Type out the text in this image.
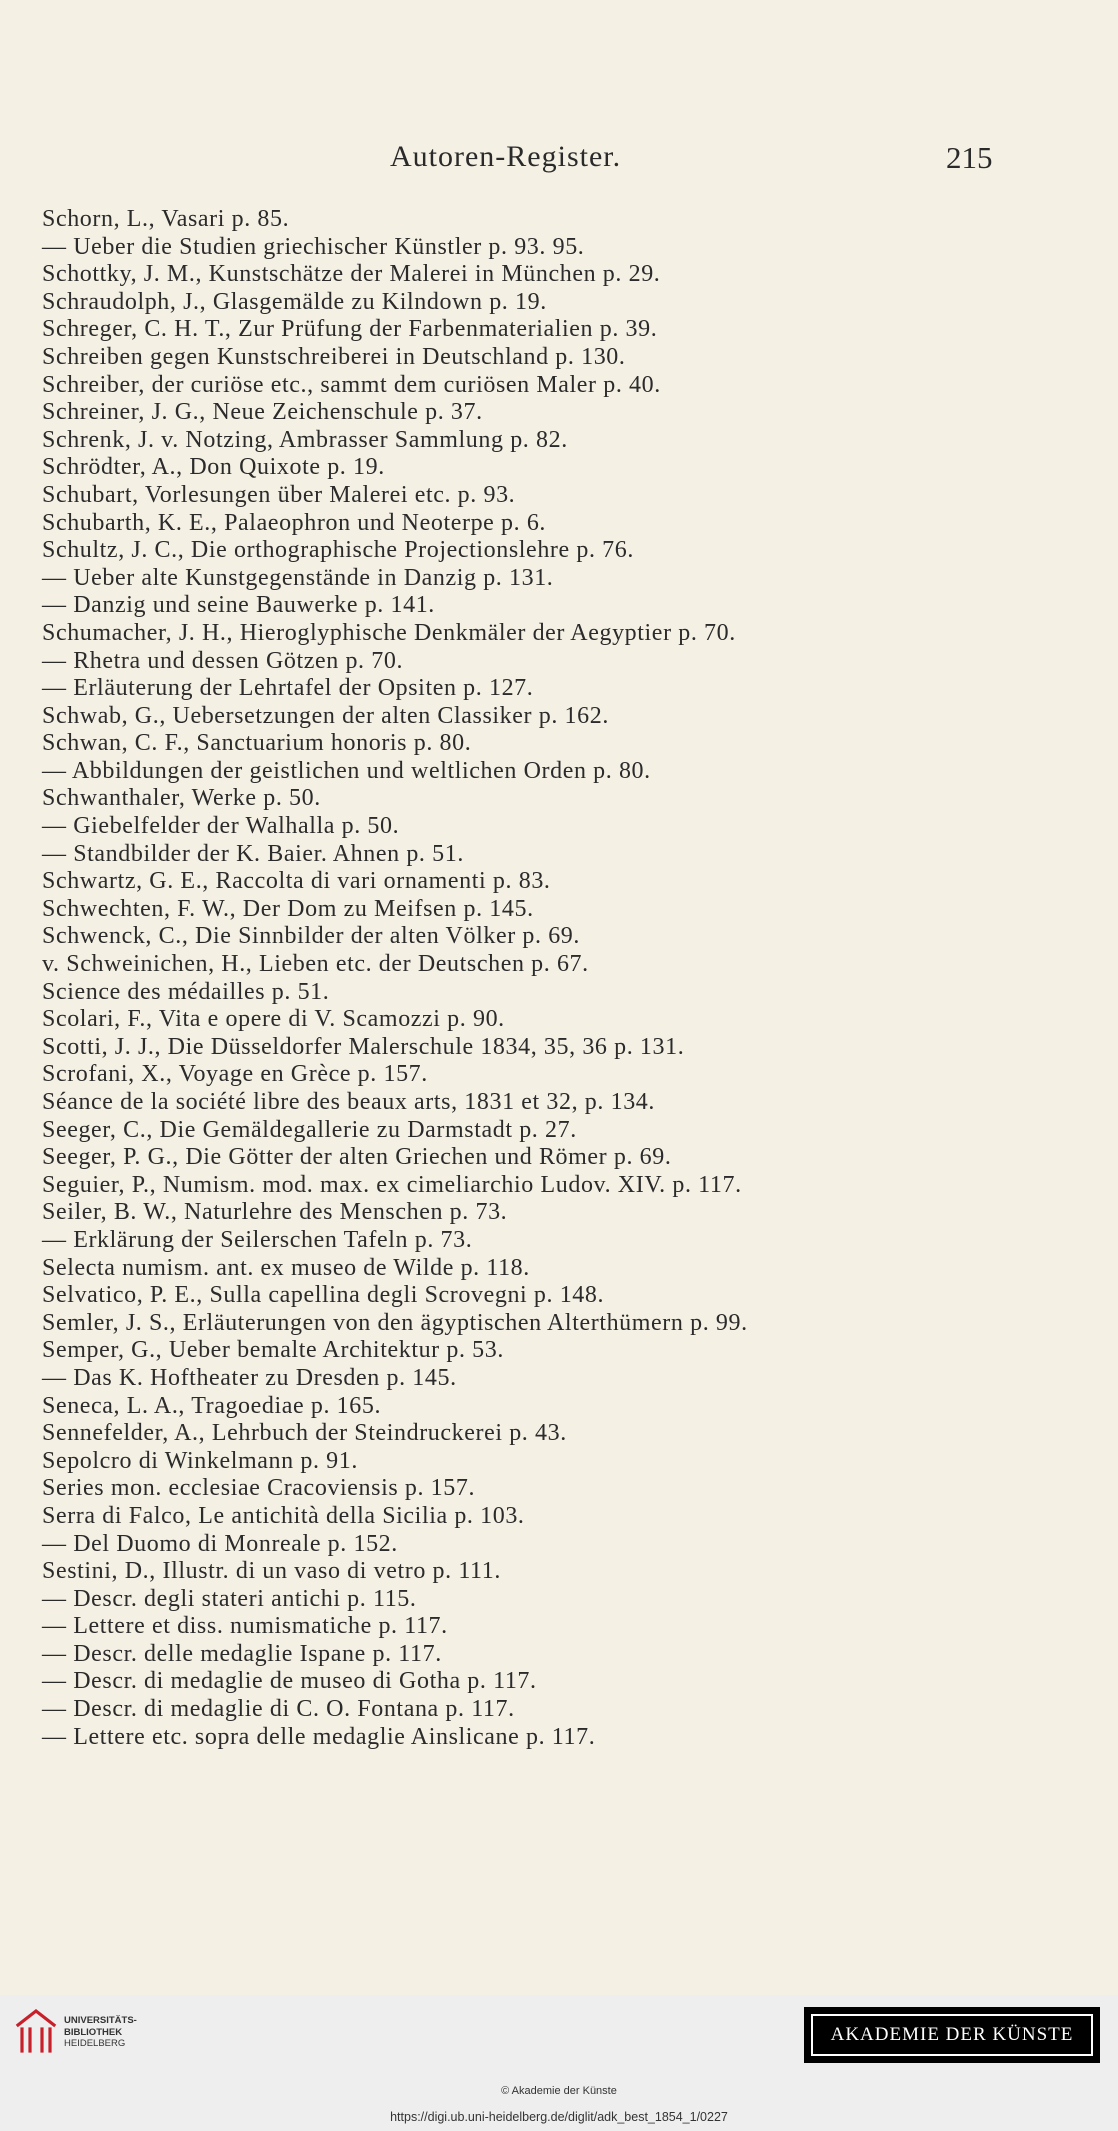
Autoren-Register.	215
Schorn, L., Vasari p. 85.
— Ueber die Studien griechischer Künstler p. 93. 95.
Schottky, J. M., Kunstschätze der Malerei in München p. 29.
Schraudolph, J., Glasgemälde zu Kilndown p. 19.
Schreger, C. H. T., Zur Prüfung der Farbenmaterialien p. 39.
Schreiben gegen Kunstschreiberei in Deutschland p. 130.
Schreiber, der curiöse etc., sammt dem curiösen Maler p. 40.
Schreiner, J. G., Neue Zeichenschule p. 37.
Schrenk, J. v. Notzing, Ambrasser Sammlung p. 82.
Schrödter, A., Don Quixote p. 19.
Schubart, Vorlesungen über Malerei etc. p. 93.
Schubarth, K. E., Palaeophron und Neoterpe p. 6.
Schultz, J. C., Die orthographische Projectionslehre p. 76.
— Ueber alte Kunstgegenstände in Danzig p. 131.
— Danzig und seine Bauwerke p. 141.
Schumacher, J. H., Hieroglyphische Denkmäler der Aegyptier p. 70.
— Rhetra und dessen Götzen p. 70.
— Erläuterung der Lehrtafel der Opsiten p. 127.
Schwab, G., Uebersetzungen der alten Classiker p. 162.
Schwan, C. F., Sanctuarium honoris p. 80.
— Abbildungen der geistlichen und weltlichen Orden p. 80.
Schwanthaler, Werke p. 50.
— Giebelfelder der Walhalla p. 50.
— Standbilder der K. Baier. Ahnen p. 51.
Schwartz, G. E., Raccolta di vari ornamenti p. 83.
Schwechten, F. W., Der Dom zu Meifsen p. 145.
Schwenck, C., Die Sinnbilder der alten Völker p. 69.
v. Schweinichen, H., Lieben etc. der Deutschen p. 67.
Science des médailles p. 51.
Scolari, F., Vita e opere di V. Scamozzi p. 90.
Scotti, J. J., Die Düsseldorfer Malerschule 1834, 35, 36 p. 131.
Scrofani, X., Voyage en Grèce p. 157.
Séance de la société libre des beaux arts, 1831 et 32, p. 134.
Seeger, C., Die Gemäldegallerie zu Darmstadt p. 27.
Seeger, P. G., Die Götter der alten Griechen und Römer p. 69.
Seguier, P., Numism. mod. max. ex cimeliarchio Ludov. XIV. p. 117.
Seiler, B. W., Naturlehre des Menschen p. 73.
— Erklärung der Seilerschen Tafeln p. 73.
Selecta numism. ant. ex museo de Wilde p. 118.
Selvatico, P. E., Sulla capellina degli Scrovegni p. 148.
Semler, J. S., Erläuterungen von den ägyptischen Alterthümern p. 99.
Semper, G., Ueber bemalte Architektur p. 53.
— Das K. Hoftheater zu Dresden p. 145.
Seneca, L. A., Tragoediae p. 165.
Sennefelder, A., Lehrbuch der Steindruckerei p. 43.
Sepolcro di Winkelmann p. 91.
Series mon. ecclesiae Cracoviensis p. 157.
Serra di Falco, Le antichità della Sicilia p. 103.
— Del Duomo di Monreale p. 152.
Sestini, D., Illustr. di un vaso di vetro p. 111.
— Descr. degli stateri antichi p. 115.
— Lettere et diss. numismatiche p. 117.
— Descr. delle medaglie Ispane p. 117.
— Descr. di medaglie de museo di Gotha p. 117.
— Descr. di medaglie di C. O. Fontana p. 117.
— Lettere etc. sopra delle medaglie Ainslicane p. 117.
UNIVERSITÄTS-
BIBLIOTHEK
HEIDELBERG	AKADEMIE DER KÜNSTE
© Akademie der Künste
https://digi.ub.uni-heidelberg.de/diglit/adk_best_1854_1/0227
